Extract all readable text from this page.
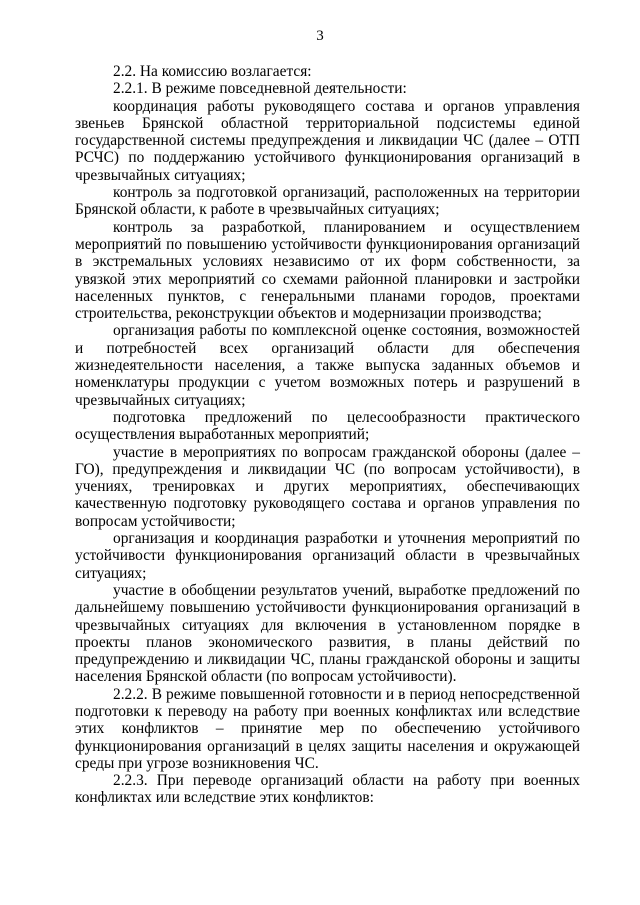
3

2.2. На комиссию возлагается:

2.2.1. В режиме повседневной деятельности:

координация работы руководящего состава и органов управления звеньев Брянской областной территориальной подсистемы единой государственной системы предупреждения и ликвидации ЧС (далее – ОТП РСЧС) по поддержанию устойчивого функционирования организаций в чрезвычайных ситуациях;

контроль за подготовкой организаций, расположенных на территории Брянской области, к работе в чрезвычайных ситуациях;

контроль за разработкой, планированием и осуществлением мероприятий по повышению устойчивости функционирования организаций в экстремальных условиях независимо от их форм собственности, за увязкой этих мероприятий со схемами районной планировки и застройки населенных пунктов, с генеральными планами городов, проектами строительства, реконструкции объектов и модернизации производства;

организация работы по комплексной оценке состояния, возможностей и потребностей всех организаций области для обеспечения жизнедеятельности населения, а также выпуска заданных объемов и номенклатуры продукции с учетом возможных потерь и разрушений в чрезвычайных ситуациях;

подготовка предложений по целесообразности практического осуществления выработанных мероприятий;

участие в мероприятиях по вопросам гражданской обороны (далее – ГО), предупреждения и ликвидации ЧС (по вопросам устойчивости), в учениях, тренировках и других мероприятиях, обеспечивающих качественную подготовку руководящего состава и органов управления по вопросам устойчивости;

организация и координация разработки и уточнения мероприятий по устойчивости функционирования организаций области в чрезвычайных ситуациях;

участие в обобщении результатов учений, выработке предложений по дальнейшему повышению устойчивости функционирования организаций в чрезвычайных ситуациях для включения в установленном порядке в проекты планов экономического развития, в планы действий по предупреждению и ликвидации ЧС, планы гражданской обороны и защиты населения Брянской области (по вопросам устойчивости).

2.2.2. В режиме повышенной готовности и в период непосредственной подготовки к переводу на работу при военных конфликтах или вследствие этих конфликтов – принятие мер по обеспечению устойчивого функционирования организаций в целях защиты населения и окружающей среды при угрозе возникновения ЧС.

2.2.3. При переводе организаций области на работу при военных конфликтах или вследствие этих конфликтов:
